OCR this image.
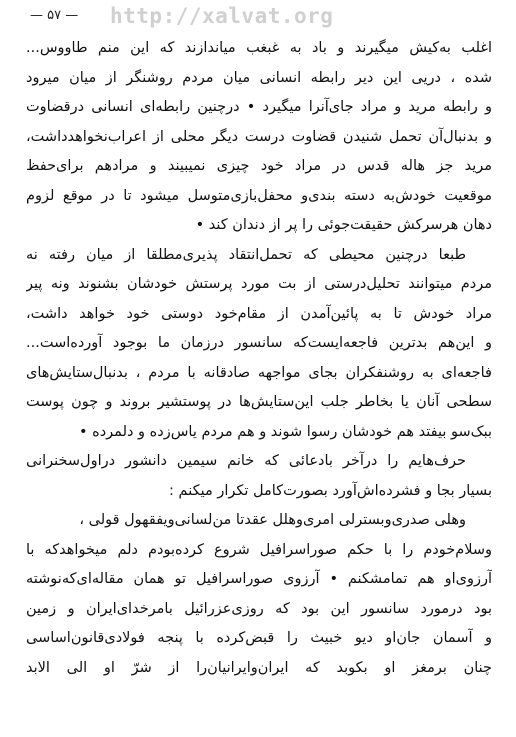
— ۵۷ — http://xalvat.org
اغلب به‌کیش میگیرند و باد به غبغب میاندازند که این منم طاووس...
شده ، دریی این دیر رابطه انسانی میان مردم روشنگر از میان میرود
و رابطه مرید و مراد جای‌آنرا میگیرد • درچنین رابطه‌ای انسانی درقضاوت
و بدنبال‌آن تحمل شنیدن قضاوت درست دیگر محلی از اعراب‌نخواهدداشت،
مرید جز هاله قدس در مراد خود چیزی نمیبیند و مرادهم برای‌حفظ
موقعیت خودش‌به دسته بندی‌و محفل‌بازی‌متوسل میشود تا در موقع لزوم
دهان هرسرکش حقیقت‌جوئی را پر از دندان کند •
طبعا درچنین محیطی که تحمل‌انتقاد پذیری‌مطلقا از میان رفته نه
مردم میتوانند تحلیل‌درستی از بت مورد پرستش خودشان بشنوند ونه پیر
مراد خودش تا به پائین‌آمدن از مقام‌خود دوستی خود خواهد داشت،
و این‌هم بدترین فاجعه‌ایست‌که سانسور درزمان ما بوجود آورده‌است...
فاجعه‌ای به روشنفکران بجای مواجهه صادقانه با مردم ، بدنبال‌ستایش‌های
سطحی آنان یا بخاطر جلب این‌ستایش‌ها در پوستشیر بروند و چون پوست
ببک‌سو بیفتد هم خودشان رسوا شوند و هم مردم یاس‌زده و دلمرده •
حرف‌هایم را درآخر بادعائی که خانم سیمین دانشور دراول‌سخنرانی
بسیار بجا و فشرده‌اش‌آورد بصورت‌کامل تکرار میکنم :
وهلی صدری‌وبسترلی امری‌وهلل عقدتا من‌لسانی‌ویفقهول قولی ،
وسلام‌خودم را با حکم صوراسرافیل شروع کرده‌بودم دلم میخواهد‌که با
آرزوی‌او هم تمامشکنم • آرزوی صوراسرافیل تو همان مقاله‌ای‌که‌نوشته
بود درمورد سانسور این بود که روزی‌عزرائیل با‌مرخدای‌ایران و زمین
و آسمان جان‌او دیو خبیث را قبض‌کرده با پنجه فولادی‌قانون‌اساسی
چنان برمغز او بکوبد که ایران‌وایرانیان‌را از شرّ او الی الابد
